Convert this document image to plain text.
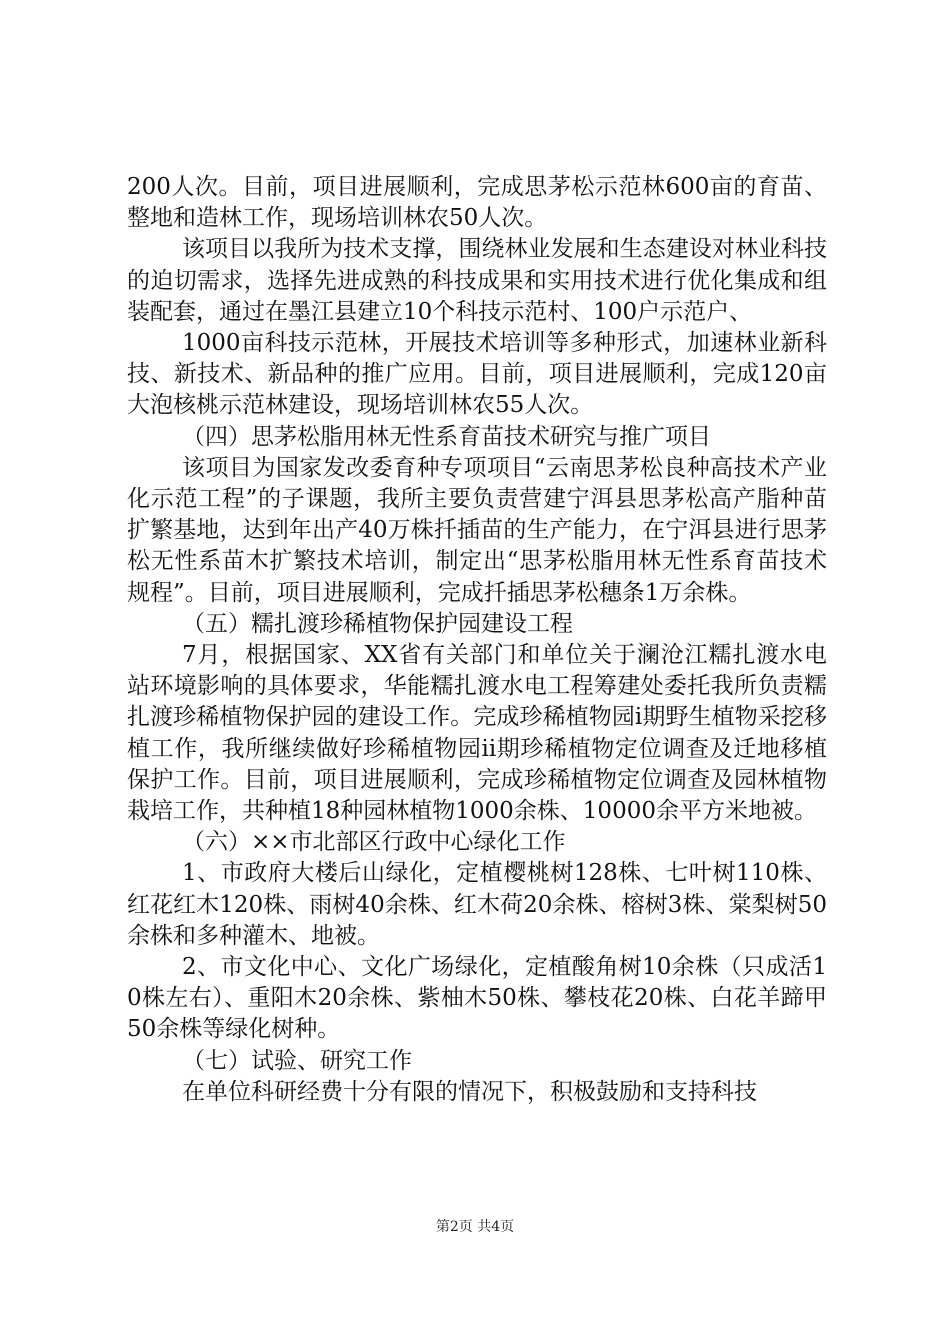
200人次。目前，项目进展顺利，完成思茅松示范林600亩的育苗、整地和造林工作，现场培训林农50人次。

该项目以我所为技术支撑，围绕林业发展和生态建设对林业科技的迫切需求，选择先进成熟的科技成果和实用技术进行优化集成和组装配套，通过在墨江县建立10个科技示范村、100户示范户、

1000亩科技示范林，开展技术培训等多种形式，加速林业新科技、新技术、新品种的推广应用。目前，项目进展顺利，完成120亩大泡核桃示范林建设，现场培训林农55人次。

（四）思茅松脂用林无性系育苗技术研究与推广项目

该项目为国家发改委育种专项项目“云南思茅松良种高技术产业化示范工程”的子课题，我所主要负责营建宁洱县思茅松高产脂种苗扩繁基地，达到年出产40万株扦插苗的生产能力，在宁洱县进行思茅松无性系苗木扩繁技术培训，制定出“思茅松脂用林无性系育苗技术规程”。目前，项目进展顺利，完成扦插思茅松穗条1万余株。

（五）糯扎渡珍稀植物保护园建设工程

7月，根据国家、XX省有关部门和单位关于澜沧江糯扎渡水电站环境影响的具体要求，华能糯扎渡水电工程筹建处委托我所负责糯扎渡珍稀植物保护园的建设工作。完成珍稀植物园ⅰ期野生植物采挖移植工作，我所继续做好珍稀植物园ⅱ期珍稀植物定位调查及迁地移植保护工作。目前，项目进展顺利，完成珍稀植物定位调查及园林植物栽培工作，共种植18种园林植物1000余株、10000余平方米地被。

（六）××市北部区行政中心绿化工作

1、市政府大楼后山绿化，定植樱桃树128株、七叶树110株、红花红木120株、雨树40余株、红木荷20余株、榕树3株、棠梨树50余株和多种灌木、地被。

2、市文化中心、文化广场绿化，定植酸角树10余株（只成活10株左右）、重阳木20余株、紫柚木50株、攀枝花20株、白花羊蹄甲50余株等绿化树种。

（七）试验、研究工作

在单位科研经费十分有限的情况下，积极鼓励和支持科技

第2页 共4页
